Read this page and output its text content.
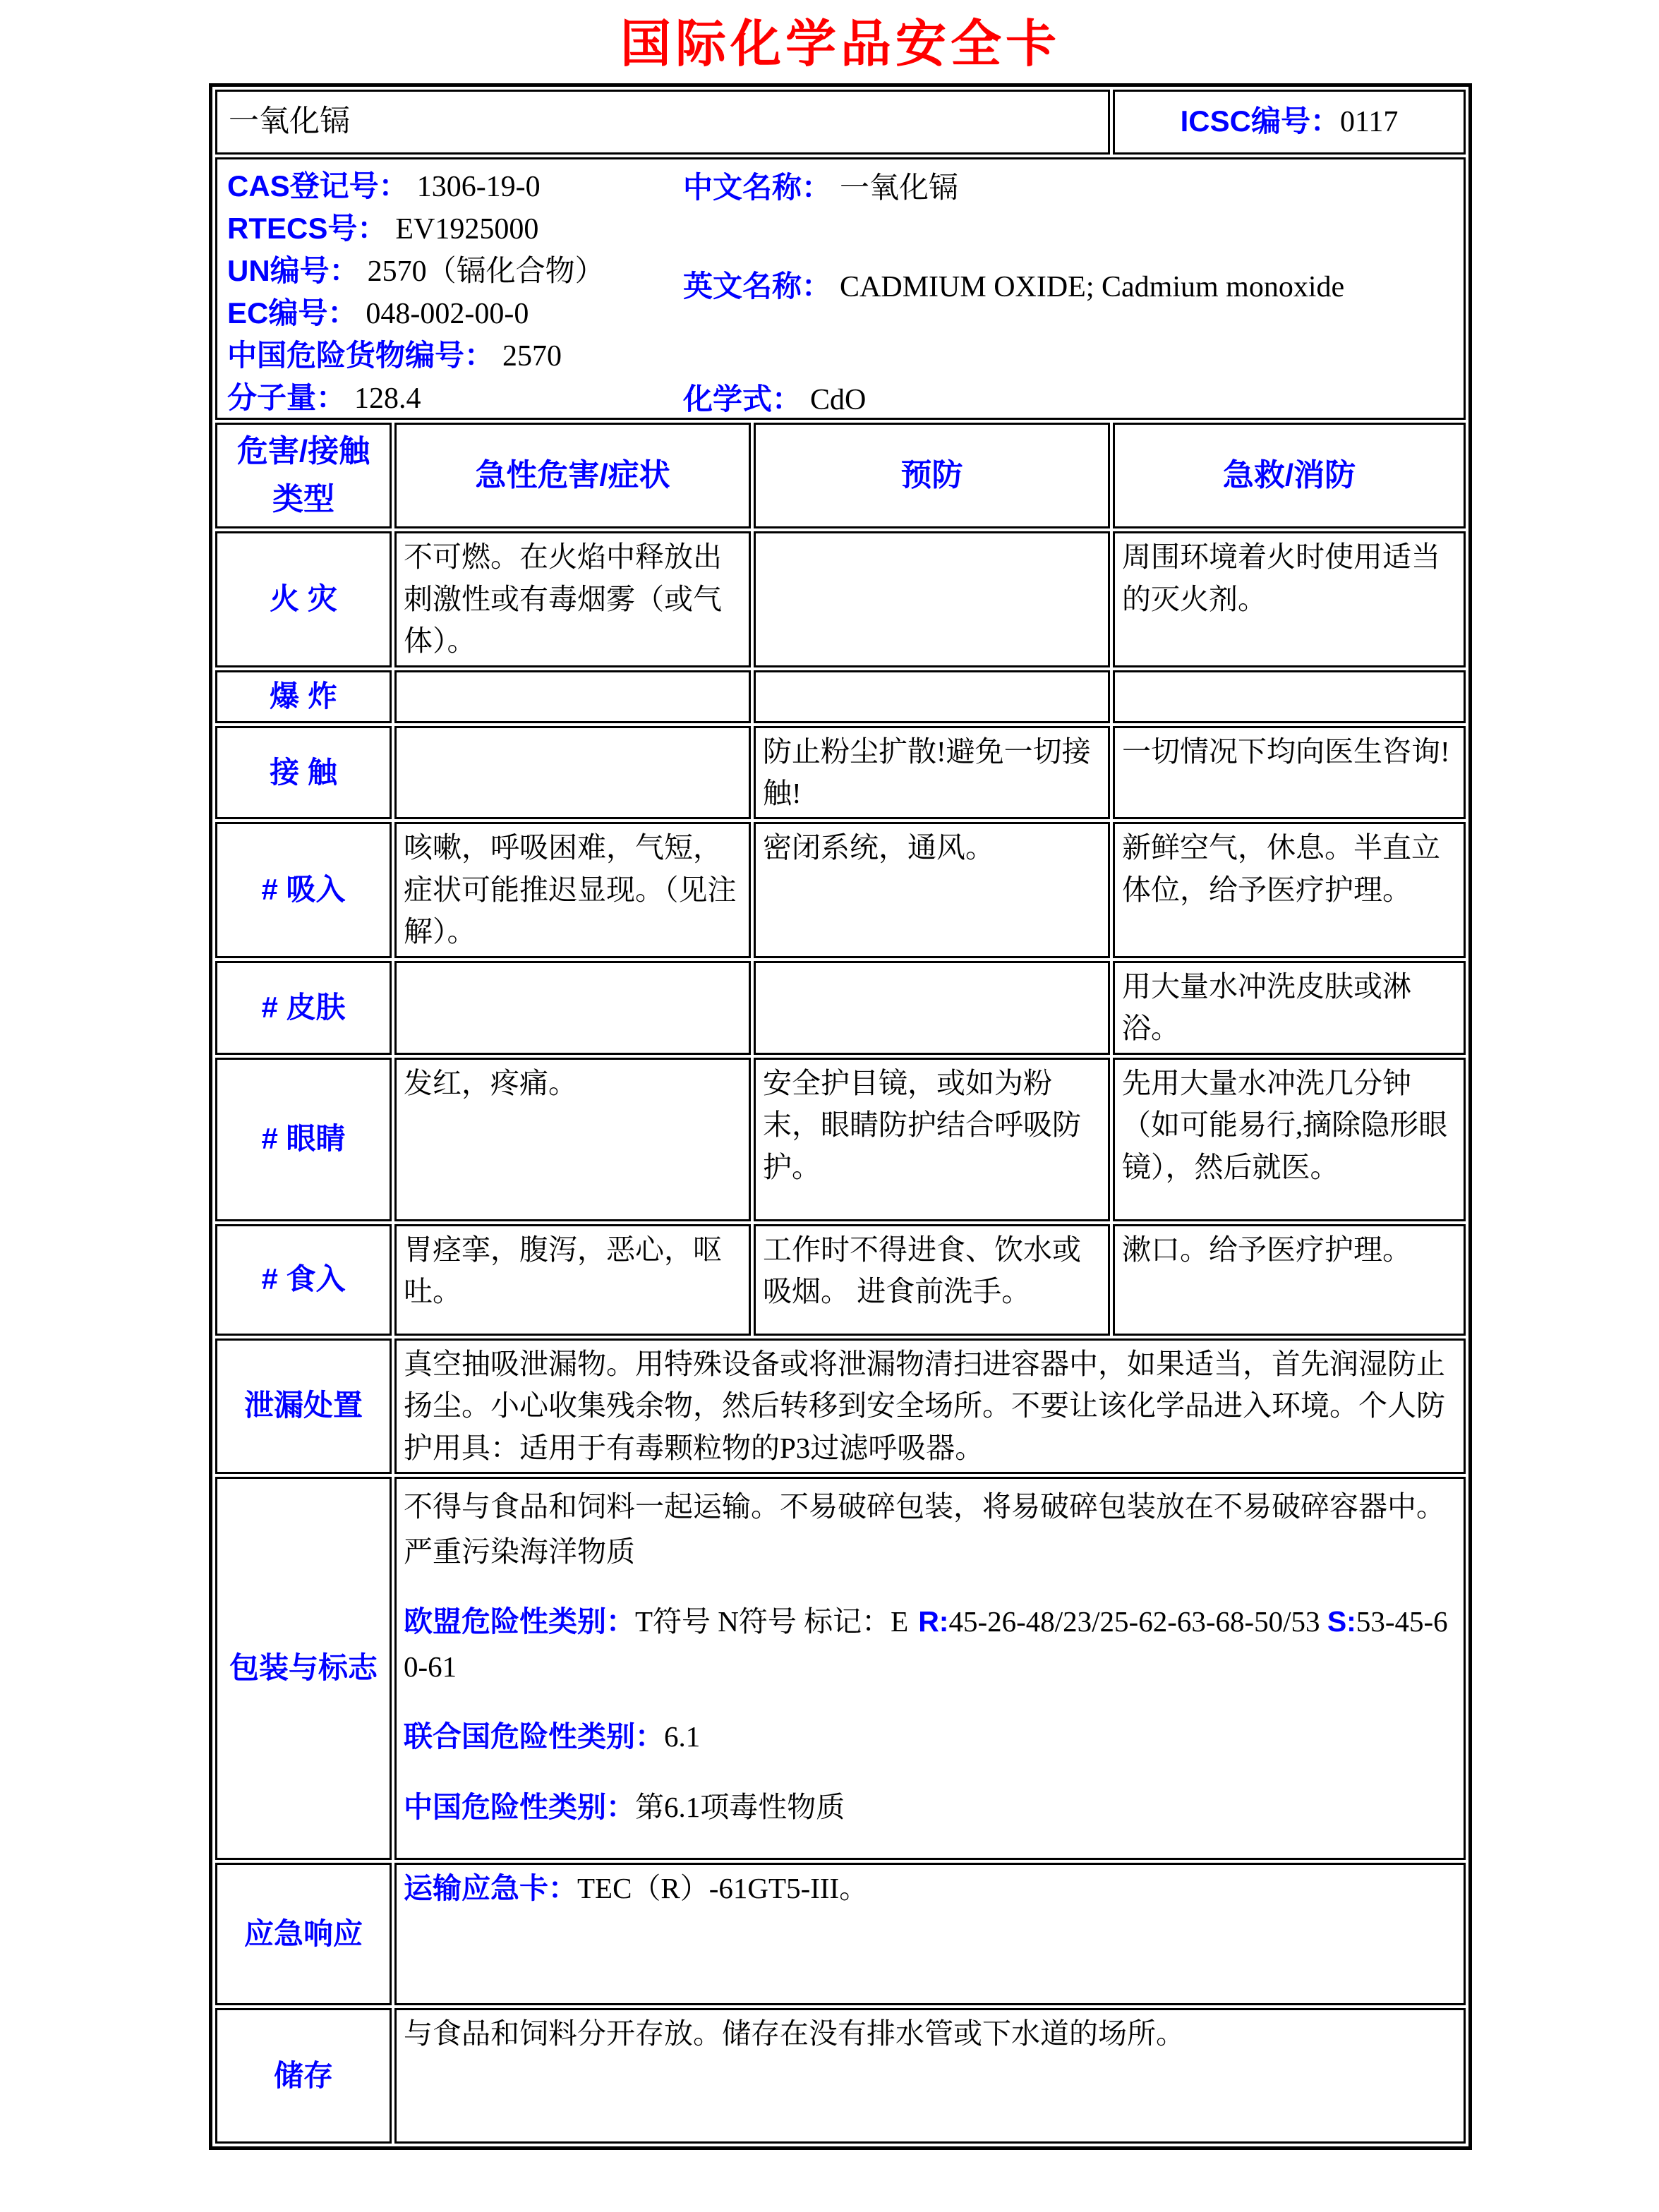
国际化学品安全卡
一氧化镉			ICSC编号：0117

CAS登记号： 1306-19-0
RTECS号： EV1925000
UN编号： 2570（镉化合物）
EC编号： 048-002-00-0
中国危险货物编号： 2570
分子量： 128.4
中文名称： 一氧化镉
英文名称： CADMIUM OXIDE; Cadmium monoxide
化学式： CdO

危害/接触类型	急性危害/症状	预防	急救/消防
火 灾	不可燃。在火焰中释放出刺激性或有毒烟雾（或气体）。		周围环境着火时使用适当的灭火剂。
爆 炸			
接 触		防止粉尘扩散!避免一切接触!	一切情况下均向医生咨询!
# 吸入	咳嗽，呼吸困难，气短，症状可能推迟显现。（见注解）。	密闭系统，通风。	新鲜空气，休息。半直立体位，给予医疗护理。
# 皮肤			用大量水冲洗皮肤或淋浴。
# 眼睛	发红，疼痛。	安全护目镜，或如为粉末，眼睛防护结合呼吸防护。	先用大量水冲洗几分钟（如可能易行,摘除隐形眼镜），然后就医。
# 食入	胃痉挛，腹泻，恶心，呕吐。	工作时不得进食、饮水或吸烟。 进食前洗手。	漱口。给予医疗护理。
泄漏处置	真空抽吸泄漏物。用特殊设备或将泄漏物清扫进容器中，如果适当，首先润湿防止扬尘。小心收集残余物，然后转移到安全场所。不要让该化学品进入环境。个人防护用具：适用于有毒颗粒物的P3过滤呼吸器。		
包装与标志	不得与食品和饲料一起运输。不易破碎包装，将易破碎包装放在不易破碎容器中。严重污染海洋物质

欧盟危险性类别：T符号 N符号 标记：E R:45-26-48/23/25-62-63-68-50/53 S:53-45-60-61

联合国危险性类别：6.1

中国危险性类别：第6.1项毒性物质		

应急响应	运输应急卡：TEC（R）-61GT5-III。		
储存	与食品和饲料分开存放。储存在没有排水管或下水道的场所。		
